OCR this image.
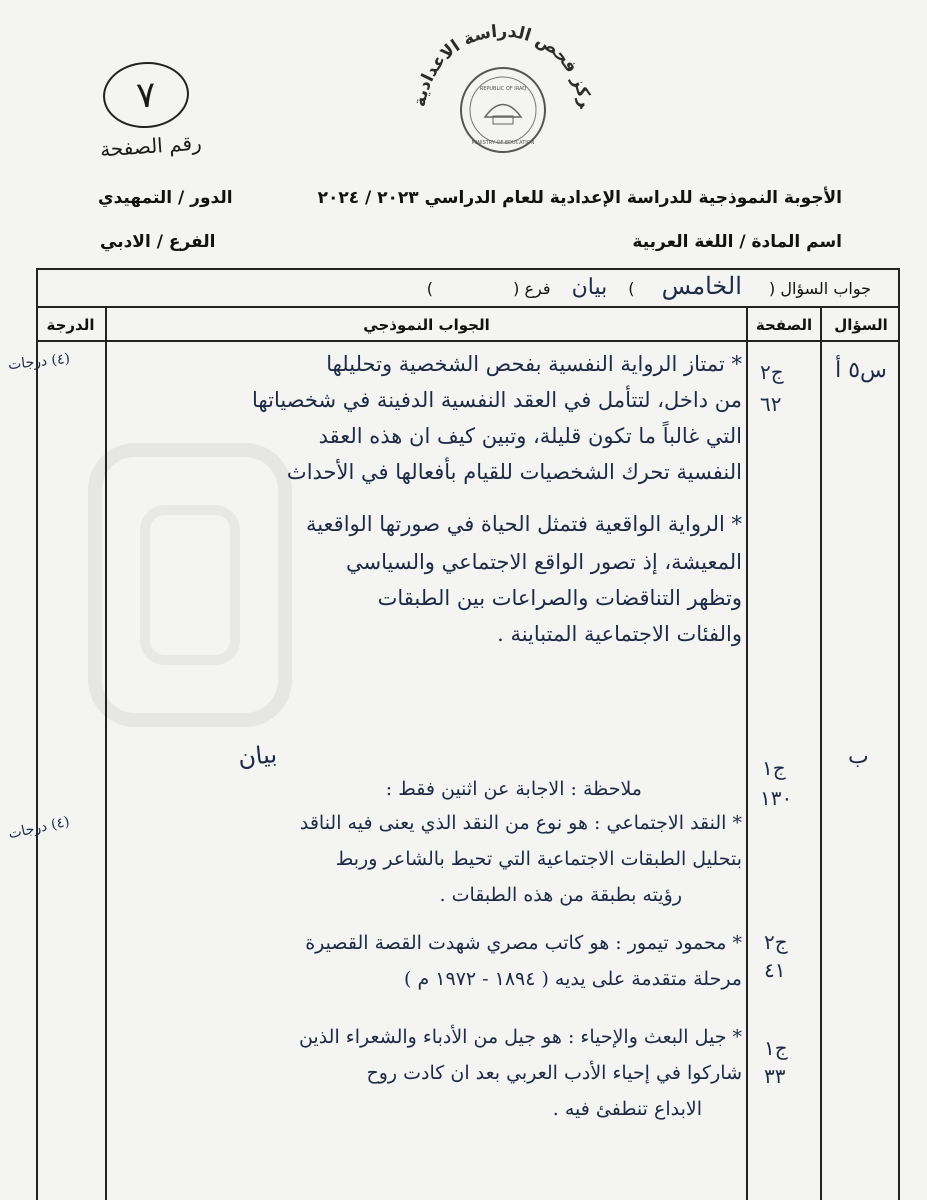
ركز فحص الدراسة الاعدادية
REPUBLIC OF IRAQ
MINISTRY OF EDUCATION
٧
رقم الصفحة
الأجوبة النموذجية للدراسة الإعدادية للعام الدراسي ٢٠٢٣ / ٢٠٢٤
الدور / التمهيدي
اسم المادة / اللغة العربية
الفرع / الادبي
جواب السؤال ( الخامس ) بيان فرع (  )
السؤال
الصفحة
الجواب النموذجي
الدرجة
س٥ أ
ج٢
٦٢
(٤) درجات	* تمتاز الرواية النفسية بفحص الشخصية وتحليلها
من داخل، لتتأمل في العقد النفسية الدفينة في شخصياتها
التي غالباً ما تكون قليلة، وتبين كيف ان هذه العقد
النفسية تحرك الشخصيات للقيام بأفعالها في الأحداث
* الرواية الواقعية فتمثل الحياة في صورتها الواقعية
المعيشة، إذ تصور الواقع الاجتماعي والسياسي
وتظهر التناقضات والصراعات بين الطبقات
والفئات الاجتماعية المتباينة .
بيان	ب
ج١
١٣٠
(٤) درجات
ج٢
٤١
ج١
٣٣
ملاحظة : الاجابة عن اثنين فقط :
* النقد الاجتماعي : هو نوع من النقد الذي يعنى فيه الناقد
بتحليل الطبقات الاجتماعية التي تحيط بالشاعر وربط
رؤيته بطبقة من هذه الطبقات .
* محمود تيمور : هو كاتب مصري شهدت القصة القصيرة
مرحلة متقدمة على يديه ( ١٨٩٤ - ١٩٧٢ م )
* جيل البعث والإحياء : هو جيل من الأدباء والشعراء الذين
شاركوا في إحياء الأدب العربي بعد ان كادت روح
الابداع تنطفئ فيه .
